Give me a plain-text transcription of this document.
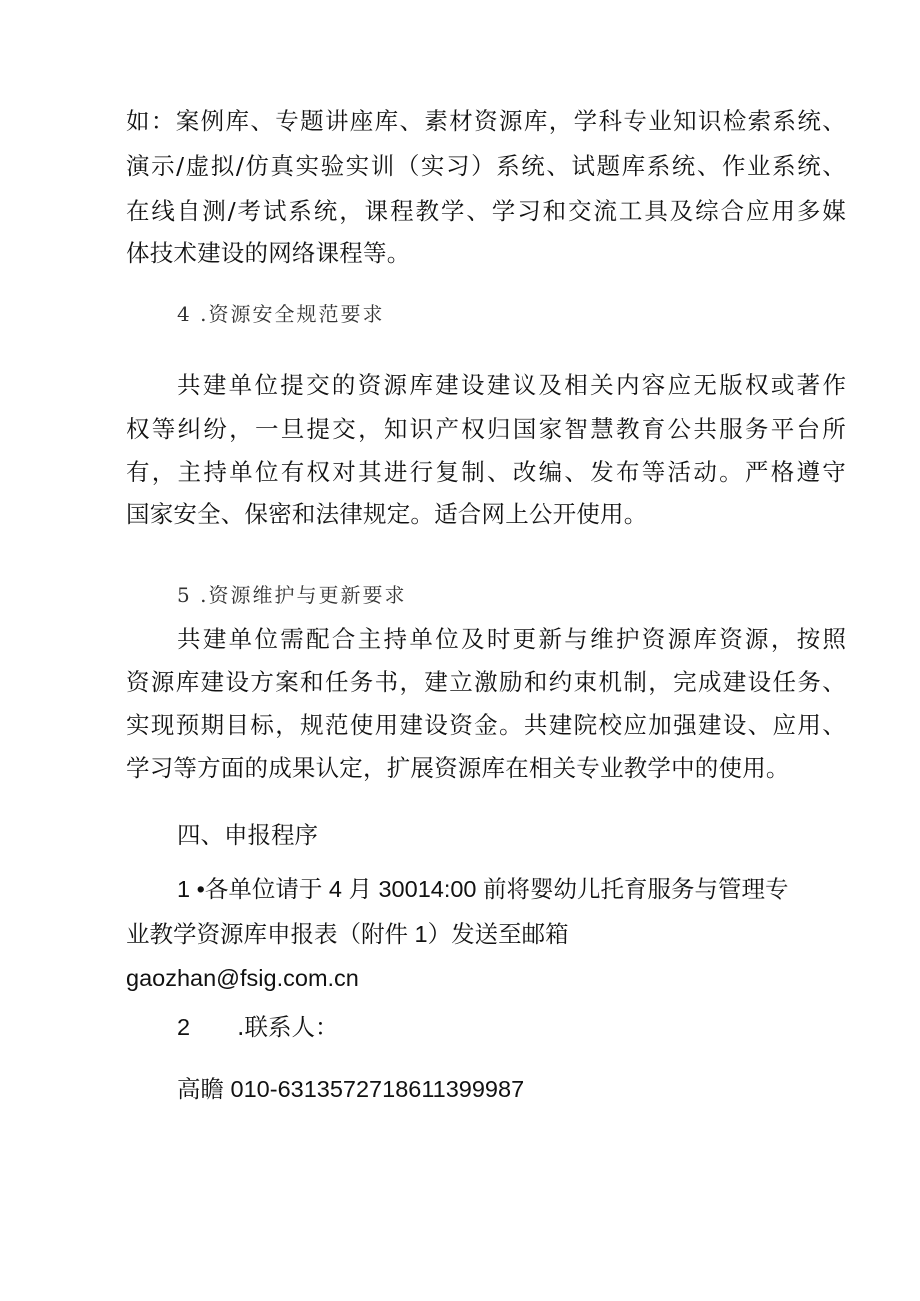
如：案例库、专题讲座库、素材资源库，学科专业知识检索系统、
演示/虚拟/仿真实验实训（实习）系统、试题库系统、作业系统、
在线自测/考试系统，课程教学、学习和交流工具及综合应用多媒
体技术建设的网络课程等。
4 .资源安全规范要求
共建单位提交的资源库建设建议及相关内容应无版权或著作
权等纠纷，一旦提交，知识产权归国家智慧教育公共服务平台所
有，主持单位有权对其进行复制、改编、发布等活动。严格遵守
国家安全、保密和法律规定。适合网上公开使用。
5 .资源维护与更新要求
共建单位需配合主持单位及时更新与维护资源库资源，按照
资源库建设方案和任务书，建立激励和约束机制，完成建设任务、
实现预期目标，规范使用建设资金。共建院校应加强建设、应用、
学习等方面的成果认定，扩展资源库在相关专业教学中的使用。
四、申报程序
1 •各单位请于 4 月 30014:00 前将婴幼儿托育服务与管理专
业教学资源库申报表（附件 1）发送至邮箱
gaozhan@fsig.com.cn
2 .联系人：
高瞻 010-6313572718611399987
